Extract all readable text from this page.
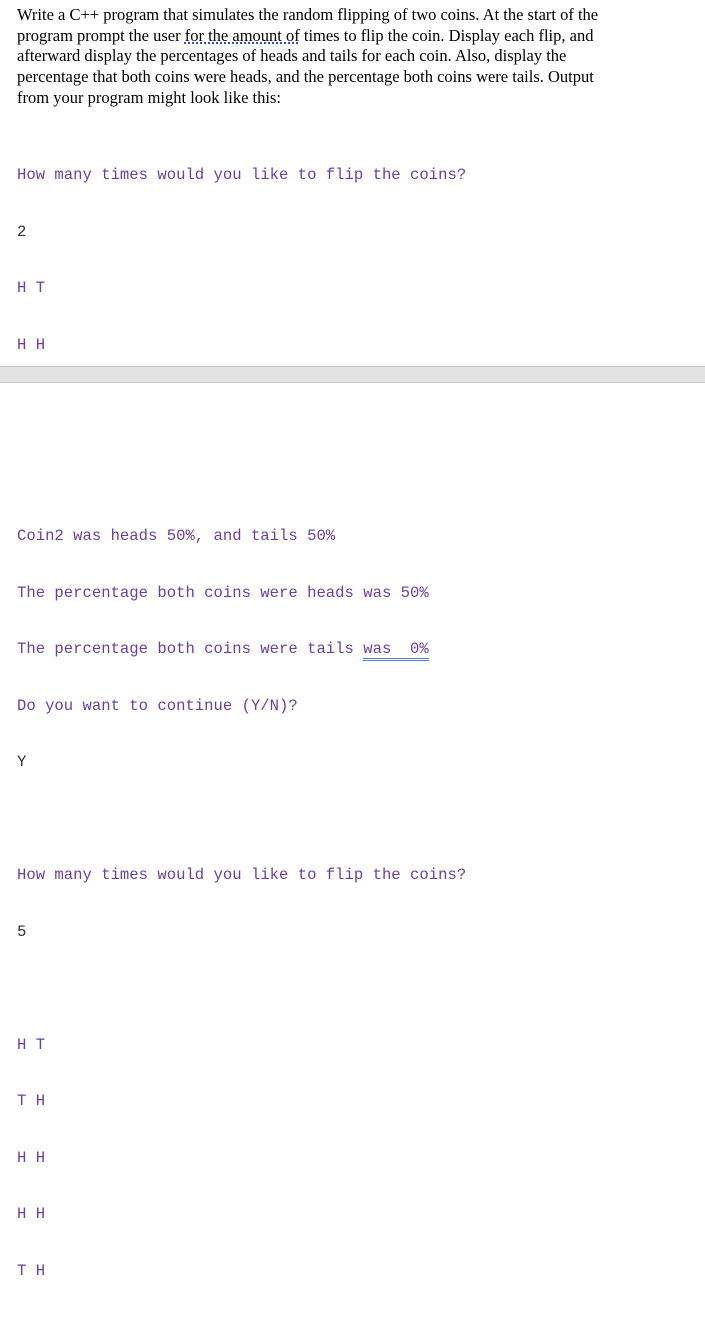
Write a C++ program that simulates the random flipping of two coins. At the start of the
program prompt the user for the amount of times to flip the coin. Display each flip, and
afterward display the percentages of heads and tails for each coin. Also, display the
percentage that both coins were heads, and the percentage both coins were tails. Output
from your program might look like this:

How many times would you like to flip the coins?

2

H T

H H

Coin2 was heads 50%, and tails 50%

The percentage both coins were heads was 50%

The percentage both coins were tails was  0%

Do you want to continue (Y/N)?

Y

How many times would you like to flip the coins?

5

H T

T H

H H

H H

T H
